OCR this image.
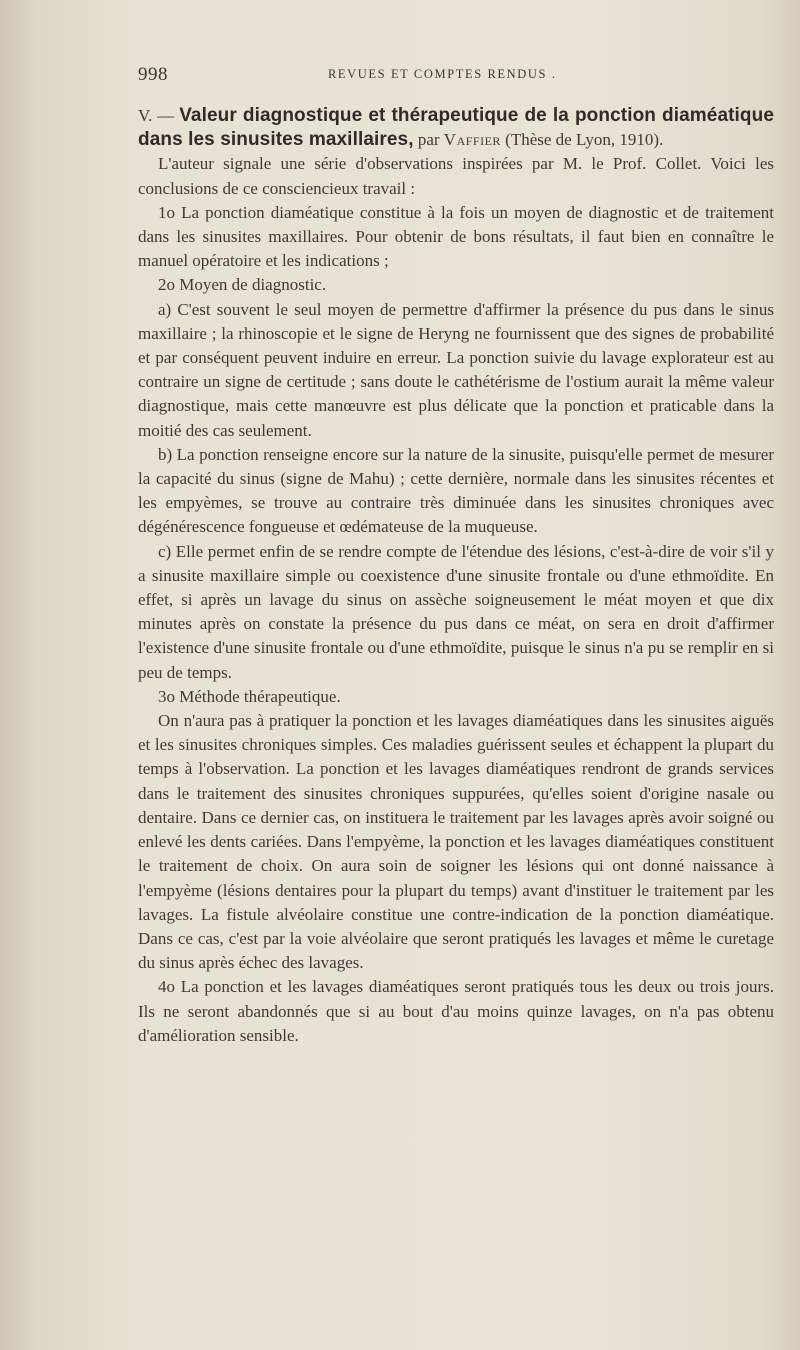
998	REVUES ET COMPTES RENDUS .

V. — Valeur diagnostique et thérapeutique de la ponction diaméatique dans les sinusites maxillaires, par Vaffier (Thèse de Lyon, 1910).

L'auteur signale une série d'observations inspirées par M. le Prof. Collet. Voici les conclusions de ce consciencieux travail :

1o La ponction diaméatique constitue à la fois un moyen de diagnostic et de traitement dans les sinusites maxillaires. Pour obtenir de bons résultats, il faut bien en connaître le manuel opératoire et les indications ;

2o Moyen de diagnostic.

a) C'est souvent le seul moyen de permettre d'affirmer la présence du pus dans le sinus maxillaire ; la rhinoscopie et le signe de Heryng ne fournissent que des signes de probabilité et par conséquent peuvent induire en erreur. La ponction suivie du lavage explorateur est au contraire un signe de certitude ; sans doute le cathétérisme de l'ostium aurait la même valeur diagnostique, mais cette manœuvre est plus délicate que la ponction et praticable dans la moitié des cas seulement.

b) La ponction renseigne encore sur la nature de la sinusite, puisqu'elle permet de mesurer la capacité du sinus (signe de Mahu) ; cette dernière, normale dans les sinusites récentes et les empyèmes, se trouve au contraire très diminuée dans les sinusites chroniques avec dégénérescence fongueuse et œdémateuse de la muqueuse.

c) Elle permet enfin de se rendre compte de l'étendue des lésions, c'est-à-dire de voir s'il y a sinusite maxillaire simple ou coexistence d'une sinusite frontale ou d'une ethmoïdite. En effet, si après un lavage du sinus on assèche soigneusement le méat moyen et que dix minutes après on constate la présence du pus dans ce méat, on sera en droit d'affirmer l'existence d'une sinusite frontale ou d'une ethmoïdite, puisque le sinus n'a pu se remplir en si peu de temps.

3o Méthode thérapeutique.

On n'aura pas à pratiquer la ponction et les lavages diaméatiques dans les sinusites aiguës et les sinusites chroniques simples. Ces maladies guérissent seules et échappent la plupart du temps à l'observation. La ponction et les lavages diaméatiques rendront de grands services dans le traitement des sinusites chroniques suppurées, qu'elles soient d'origine nasale ou dentaire. Dans ce dernier cas, on instituera le traitement par les lavages après avoir soigné ou enlevé les dents cariées. Dans l'empyème, la ponction et les lavages diaméatiques constituent le traitement de choix. On aura soin de soigner les lésions qui ont donné naissance à l'empyème (lésions dentaires pour la plupart du temps) avant d'instituer le traitement par les lavages. La fistule alvéolaire constitue une contre-indication de la ponction diaméatique. Dans ce cas, c'est par la voie alvéolaire que seront pratiqués les lavages et même le curetage du sinus après échec des lavages.

4o La ponction et les lavages diaméatiques seront pratiqués tous les deux ou trois jours. Ils ne seront abandonnés que si au bout d'au moins quinze lavages, on n'a pas obtenu d'amélioration sensible.
